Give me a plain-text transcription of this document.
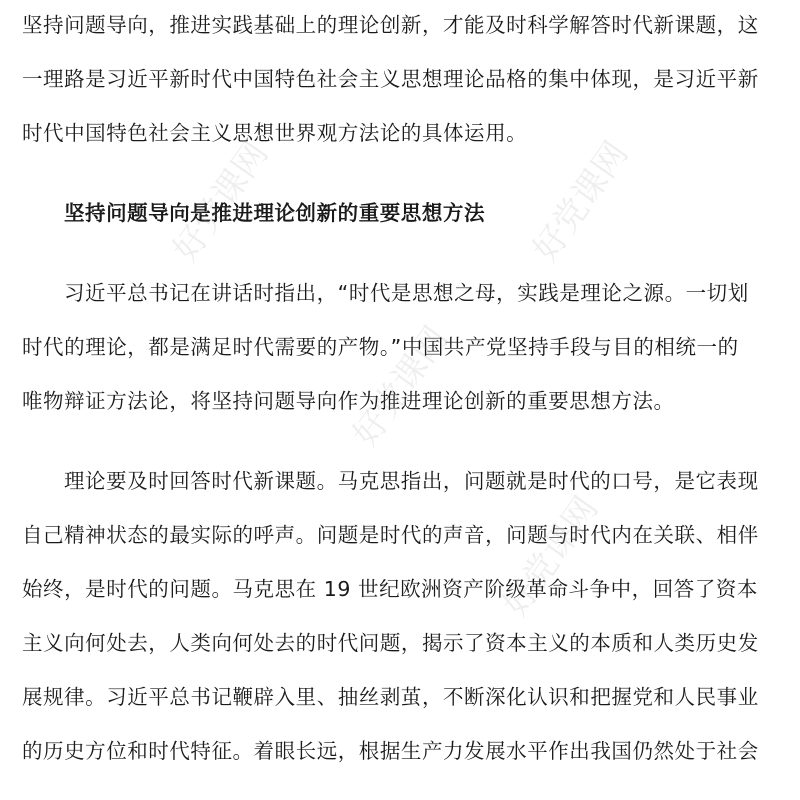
坚持问题导向，推进实践基础上的理论创新，才能及时科学解答时代新课题，这
一理路是习近平新时代中国特色社会主义思想理论品格的集中体现，是习近平新
时代中国特色社会主义思想世界观方法论的具体运用。
坚持问题导向是推进理论创新的重要思想方法
习近平总书记在讲话时指出，“时代是思想之母，实践是理论之源。一切划
时代的理论，都是满足时代需要的产物。”中国共产党坚持手段与目的相统一的
唯物辩证方法论，将坚持问题导向作为推进理论创新的重要思想方法。
理论要及时回答时代新课题。马克思指出，问题就是时代的口号，是它表现
自己精神状态的最实际的呼声。问题是时代的声音，问题与时代内在关联、相伴
始终，是时代的问题。马克思在 19 世纪欧洲资产阶级革命斗争中，回答了资本
主义向何处去，人类向何处去的时代问题，揭示了资本主义的本质和人类历史发
展规律。习近平总书记鞭辟入里、抽丝剥茧，不断深化认识和把握党和人民事业
的历史方位和时代特征。着眼长远，根据生产力发展水平作出我国仍然处于社会
好党课网	好党课网
好党课网
好党课网
